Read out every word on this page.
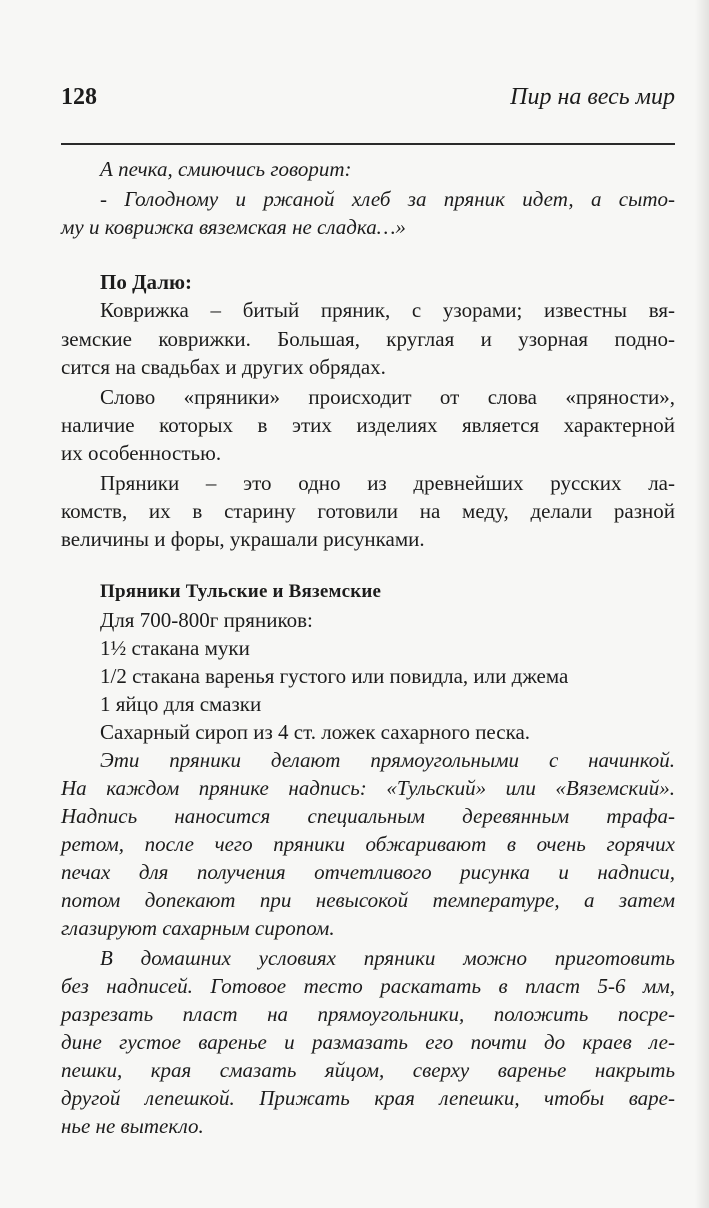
128	Пир на весь мир
А печка, смиючись говорит:
- Голодному и ржаной хлеб за пряник идет, а сыто-
му и коврижка вяземская не сладка…»
По Далю:
Коврижка – битый пряник, с узорами; известны вя-
земские коврижки. Большая, круглая и узорная подно-
сится на свадьбах и других обрядах.
Слово «пряники» происходит от слова «пряности»,
наличие которых в этих изделиях является характерной
их особенностью.
Пряники – это одно из древнейших русских ла-
комств, их в старину готовили на меду, делали разной
величины и форы, украшали рисунками.
Пряники Тульские и Вяземские
Для 700-800г пряников:
1½ стакана муки
1/2 стакана варенья густого или повидла, или джема
1 яйцо для смазки
Сахарный сироп из 4 ст. ложек сахарного песка.
Эти пряники делают прямоугольными с начинкой.
На каждом прянике надпись: «Тульский» или «Вяземский».
Надпись наносится специальным деревянным трафа-
ретом, после чего пряники обжаривают в очень горячих
печах для получения отчетливого рисунка и надписи,
потом допекают при невысокой температуре, а затем
глазируют сахарным сиропом.
В домашних условиях пряники можно приготовить
без надписей. Готовое тесто раскатать в пласт 5-6 мм,
разрезать пласт на прямоугольники, положить посре-
дине густое варенье и размазать его почти до краев ле-
пешки, края смазать яйцом, сверху варенье накрыть
другой лепешкой. Прижать края лепешки, чтобы варе-
нье не вытекло.
